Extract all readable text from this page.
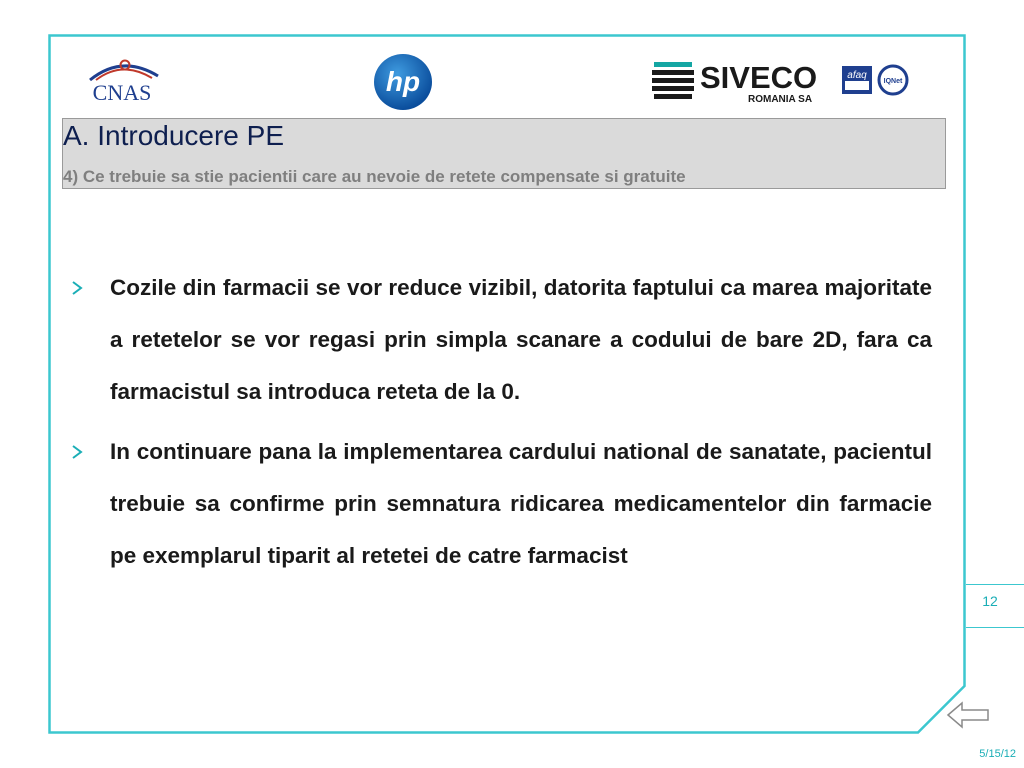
CNAS	hp	SIVECO
ROMANIA SA
afaq
IQNet
A. Introducere PE
4) Ce trebuie sa stie pacientii care au nevoie de retete compensate si gratuite
Cozile din farmacii se vor reduce vizibil, datorita faptului ca marea majoritate a retetelor se vor regasi prin simpla scanare a codului de bare 2D, fara ca farmacistul sa introduca reteta de la 0.
In continuare pana la implementarea cardului national de sanatate, pacientul trebuie sa confirme prin semnatura ridicarea medicamentelor din farmacie pe exemplarul tiparit al retetei de catre farmacist
12
5/15/12
